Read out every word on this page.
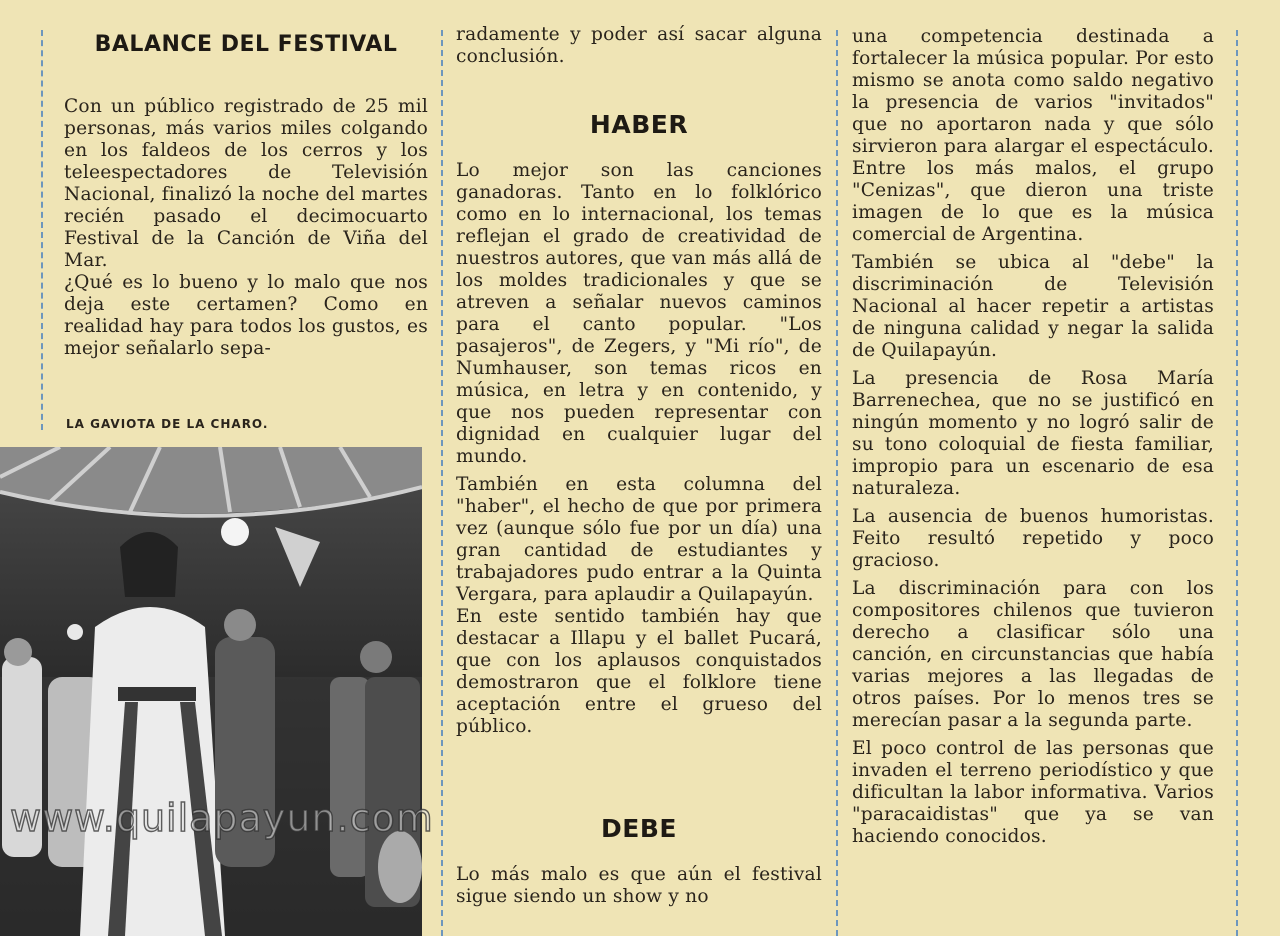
BALANCE DEL FESTIVAL

Con un público registrado de 25 mil personas, más varios miles colgando en los faldeos de los cerros y los teleespectadores de Televisión Nacional, finalizó la noche del martes recién pasado el decimocuarto Festival de la Canción de Viña del Mar.

¿Qué es lo bueno y lo malo que nos deja este certamen? Como en realidad hay para todos los gustos, es mejor señalarlo sepa-

LA GAVIOTA DE LA CHARO.
www.quilapayun.com

radamente y poder así sacar alguna conclusión.

HABER

Lo mejor son las canciones ganadoras. Tanto en lo folklórico como en lo internacional, los temas reflejan el grado de creatividad de nuestros autores, que van más allá de los moldes tradicionales y que se atreven a señalar nuevos caminos para el canto popular. "Los pasajeros", de Zegers, y "Mi río", de Numhauser, son temas ricos en música, en letra y en contenido, y que nos pueden representar con dignidad en cualquier lugar del mundo.

También en esta columna del "haber", el hecho de que por primera vez (aunque sólo fue por un día) una gran cantidad de estudiantes y trabajadores pudo entrar a la Quinta Vergara, para aplaudir a Quilapayún.

En este sentido también hay que destacar a Illapu y el ballet Pucará, que con los aplausos conquistados demostraron que el folklore tiene aceptación entre el grueso del público.

DEBE

Lo más malo es que aún el festival sigue siendo un show y no

una competencia destinada a fortalecer la música popular. Por esto mismo se anota como saldo negativo la presencia de varios "invitados" que no aportaron nada y que sólo sirvieron para alargar el espectáculo. Entre los más malos, el grupo "Cenizas", que dieron una triste imagen de lo que es la música comercial de Argentina.

También se ubica al "debe" la discriminación de Televisión Nacional al hacer repetir a artistas de ninguna calidad y negar la salida de Quilapayún.

La presencia de Rosa María Barrenechea, que no se justificó en ningún momento y no logró salir de su tono coloquial de fiesta familiar, impropio para un escenario de esa naturaleza.

La ausencia de buenos humoristas. Feito resultó repetido y poco gracioso.

La discriminación para con los compositores chilenos que tuvieron derecho a clasificar sólo una canción, en circunstancias que había varias mejores a las llegadas de otros países. Por lo menos tres se merecían pasar a la segunda parte.

El poco control de las personas que invaden el terreno periodístico y que dificultan la labor informativa. Varios "paracaidistas" que ya se van haciendo conocidos.
